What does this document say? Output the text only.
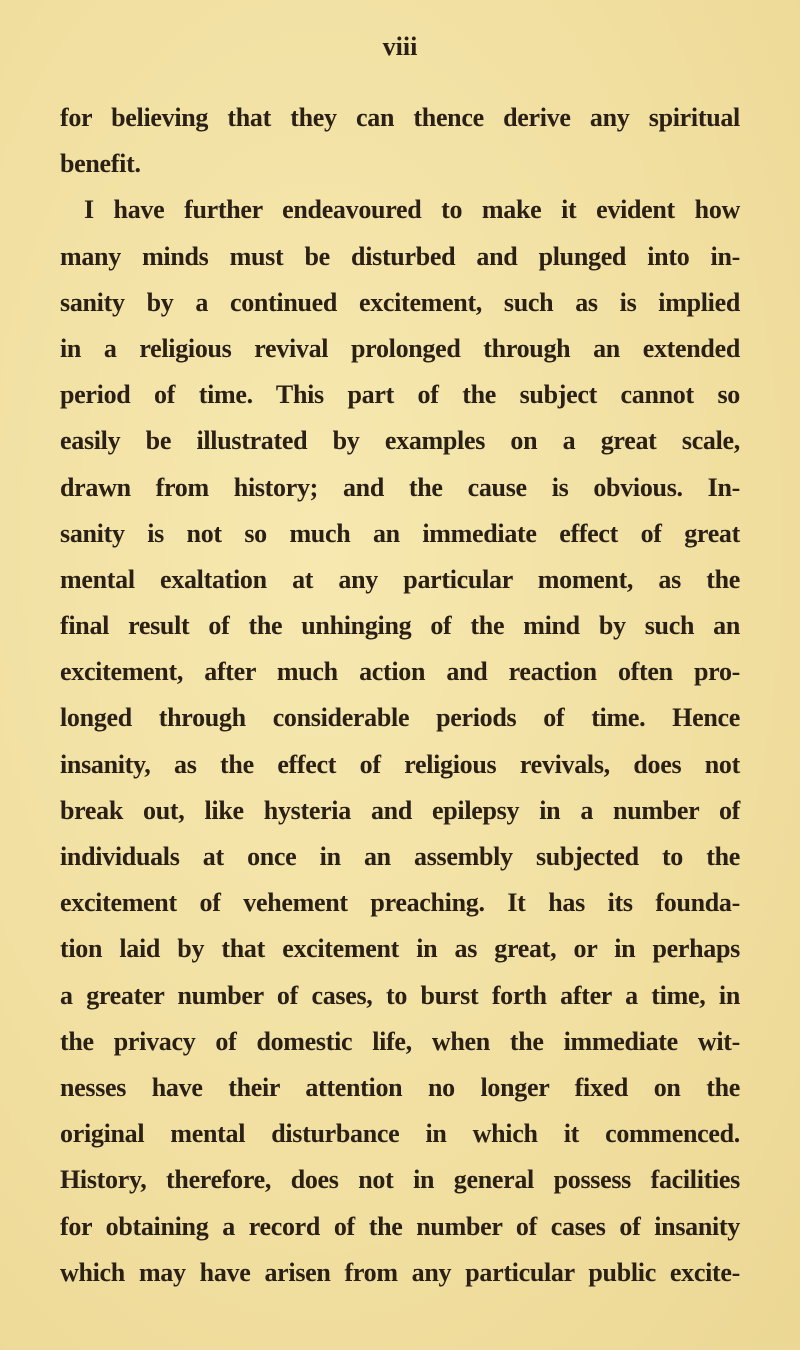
viii
for believing that they can thence derive any spiritual
benefit.
I have further endeavoured to make it evident how
many minds must be disturbed and plunged into in-
sanity by a continued excitement, such as is implied
in a religious revival prolonged through an extended
period of time. This part of the subject cannot so
easily be illustrated by examples on a great scale,
drawn from history; and the cause is obvious. In-
sanity is not so much an immediate effect of great
mental exaltation at any particular moment, as the
final result of the unhinging of the mind by such an
excitement, after much action and reaction often pro-
longed through considerable periods of time. Hence
insanity, as the effect of religious revivals, does not
break out, like hysteria and epilepsy in a number of
individuals at once in an assembly subjected to the
excitement of vehement preaching. It has its founda-
tion laid by that excitement in as great, or in perhaps
a greater number of cases, to burst forth after a time, in
the privacy of domestic life, when the immediate wit-
nesses have their attention no longer fixed on the
original mental disturbance in which it commenced.
History, therefore, does not in general possess facilities
for obtaining a record of the number of cases of insanity
which may have arisen from any particular public excite-
